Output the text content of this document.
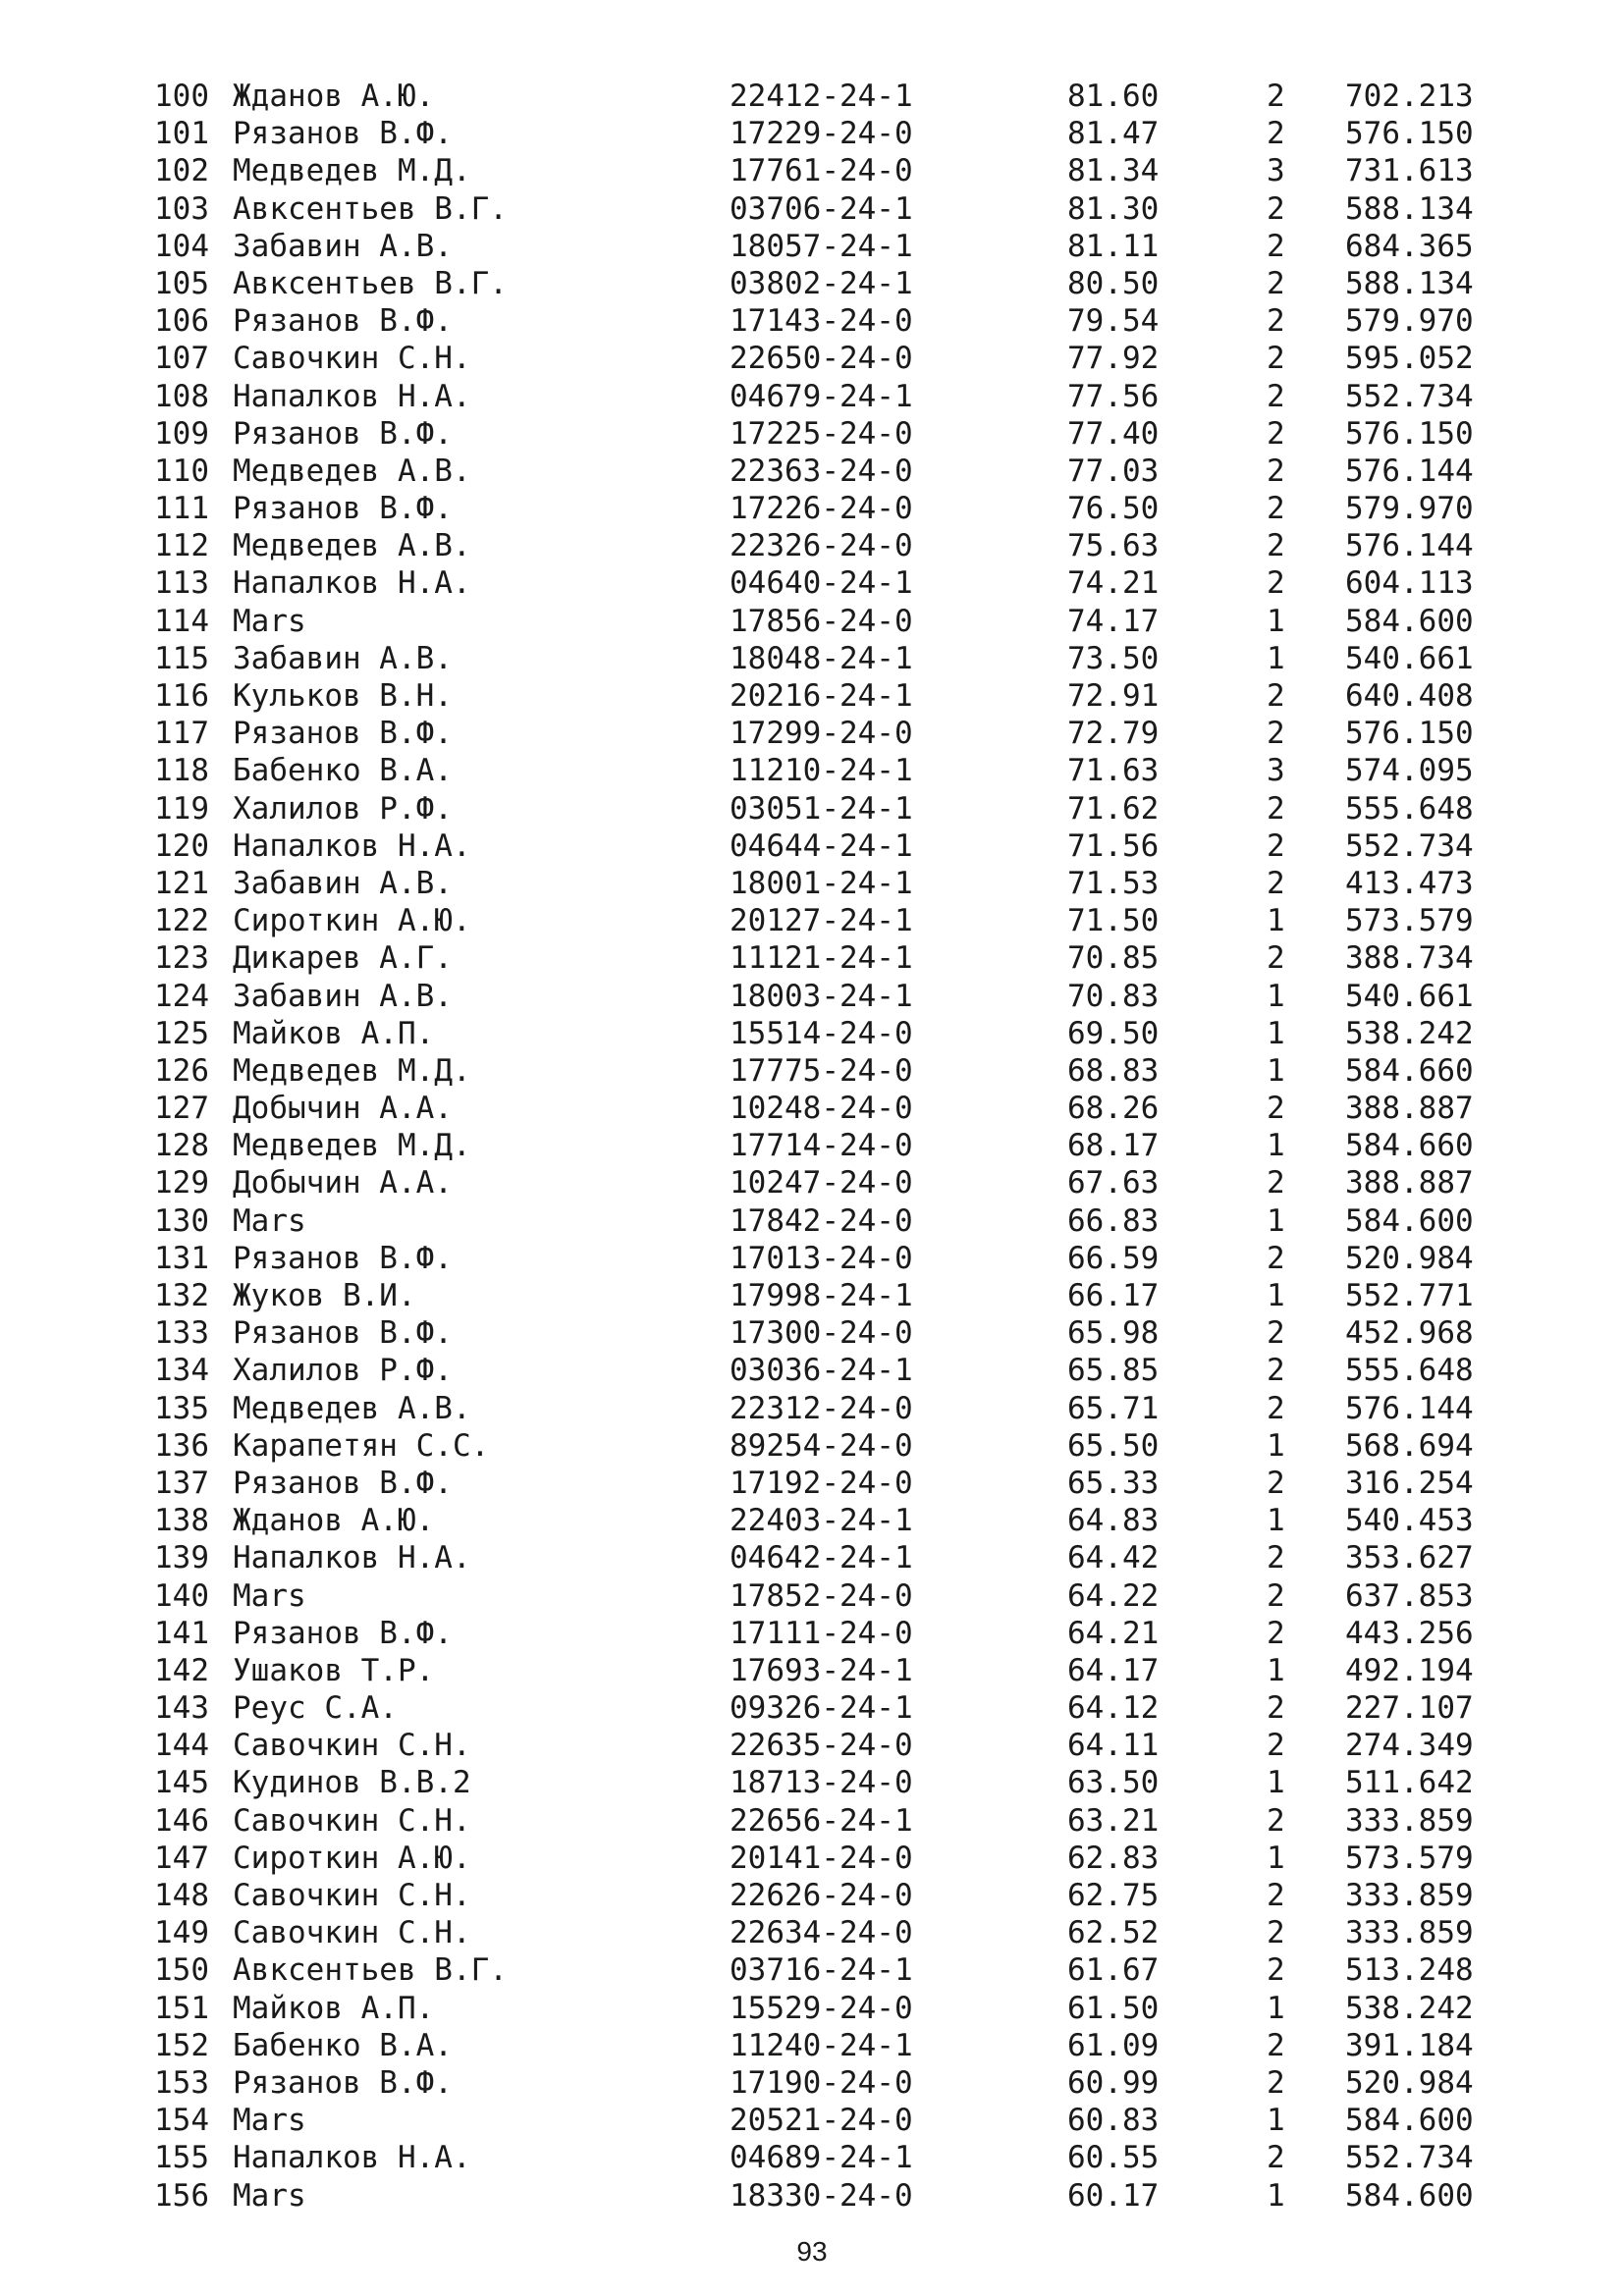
100 Жданов А.Ю.	22412-24-1	81.60	2 702.213
101 Рязанов В.Ф.	17229-24-0	81.47	2 576.150
102 Медведев М.Д.	17761-24-0	81.34	3 731.613
103 Авксентьев В.Г.	03706-24-1	81.30	2 588.134
104 Забавин А.В.	18057-24-1	81.11	2 684.365
105 Авксентьев В.Г.	03802-24-1	80.50	2 588.134
106 Рязанов В.Ф.	17143-24-0	79.54	2 579.970
107 Савочкин С.Н.	22650-24-0	77.92	2 595.052
108 Напалков Н.А.	04679-24-1	77.56	2 552.734
109 Рязанов В.Ф.	17225-24-0	77.40	2 576.150
110 Медведев А.В.	22363-24-0	77.03	2 576.144
111 Рязанов В.Ф.	17226-24-0	76.50	2 579.970
112 Медведев А.В.	22326-24-0	75.63	2 576.144
113 Напалков Н.А.	04640-24-1	74.21	2 604.113
114 Mars	17856-24-0	74.17	1 584.600
115 Забавин А.В.	18048-24-1	73.50	1 540.661
116 Кульков В.Н.	20216-24-1	72.91	2 640.408
117 Рязанов В.Ф.	17299-24-0	72.79	2 576.150
118 Бабенко В.А.	11210-24-1	71.63	3 574.095
119 Халилов Р.Ф.	03051-24-1	71.62	2 555.648
120 Напалков Н.А.	04644-24-1	71.56	2 552.734
121 Забавин А.В.	18001-24-1	71.53	2 413.473
122 Сироткин А.Ю.	20127-24-1	71.50	1 573.579
123 Дикарев А.Г.	11121-24-1	70.85	2 388.734
124 Забавин А.В.	18003-24-1	70.83	1 540.661
125 Майков А.П.	15514-24-0	69.50	1 538.242
126 Медведев М.Д.	17775-24-0	68.83	1 584.660
127 Добычин А.А.	10248-24-0	68.26	2 388.887
128 Медведев М.Д.	17714-24-0	68.17	1 584.660
129 Добычин А.А.	10247-24-0	67.63	2 388.887
130 Mars	17842-24-0	66.83	1 584.600
131 Рязанов В.Ф.	17013-24-0	66.59	2 520.984
132 Жуков В.И.	17998-24-1	66.17	1 552.771
133 Рязанов В.Ф.	17300-24-0	65.98	2 452.968
134 Халилов Р.Ф.	03036-24-1	65.85	2 555.648
135 Медведев А.В.	22312-24-0	65.71	2 576.144
136 Карапетян С.С.	89254-24-0	65.50	1 568.694
137 Рязанов В.Ф.	17192-24-0	65.33	2 316.254
138 Жданов А.Ю.	22403-24-1	64.83	1 540.453
139 Напалков Н.А.	04642-24-1	64.42	2 353.627
140 Mars	17852-24-0	64.22	2 637.853
141 Рязанов В.Ф.	17111-24-0	64.21	2 443.256
142 Ушаков Т.Р.	17693-24-1	64.17	1 492.194
143 Реус С.А.	09326-24-1	64.12	2 227.107
144 Савочкин С.Н.	22635-24-0	64.11	2 274.349
145 Кудинов В.В.2	18713-24-0	63.50	1 511.642
146 Савочкин С.Н.	22656-24-1	63.21	2 333.859
147 Сироткин А.Ю.	20141-24-0	62.83	1 573.579
148 Савочкин С.Н.	22626-24-0	62.75	2 333.859
149 Савочкин С.Н.	22634-24-0	62.52	2 333.859
150 Авксентьев В.Г.	03716-24-1	61.67	2 513.248
151 Майков А.П.	15529-24-0	61.50	1 538.242
152 Бабенко В.А.	11240-24-1	61.09	2 391.184
153 Рязанов В.Ф.	17190-24-0	60.99	2 520.984
154 Mars	20521-24-0	60.83	1 584.600
155 Напалков Н.А.	04689-24-1	60.55	2 552.734
156 Mars	18330-24-0	60.17	1 584.600
93
